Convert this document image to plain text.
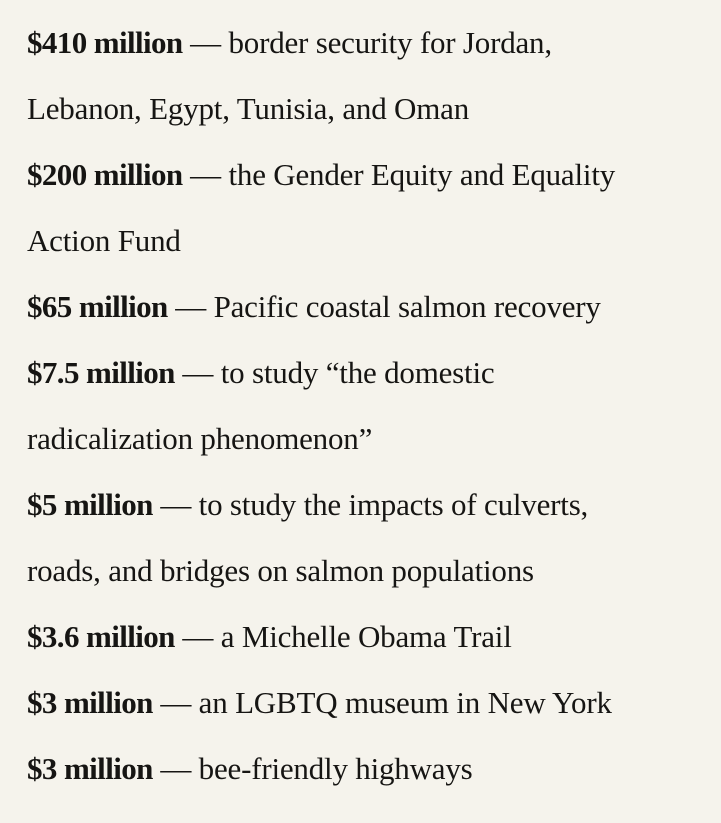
$410 million — border security for Jordan,
Lebanon, Egypt, Tunisia, and Oman
$200 million — the Gender Equity and Equality
Action Fund
$65 million — Pacific coastal salmon recovery
$7.5 million — to study “the domestic
radicalization phenomenon”
$5 million — to study the impacts of culverts,
roads, and bridges on salmon populations
$3.6 million — a Michelle Obama Trail
$3 million — an LGBTQ museum in New York
$3 million — bee-friendly highways
